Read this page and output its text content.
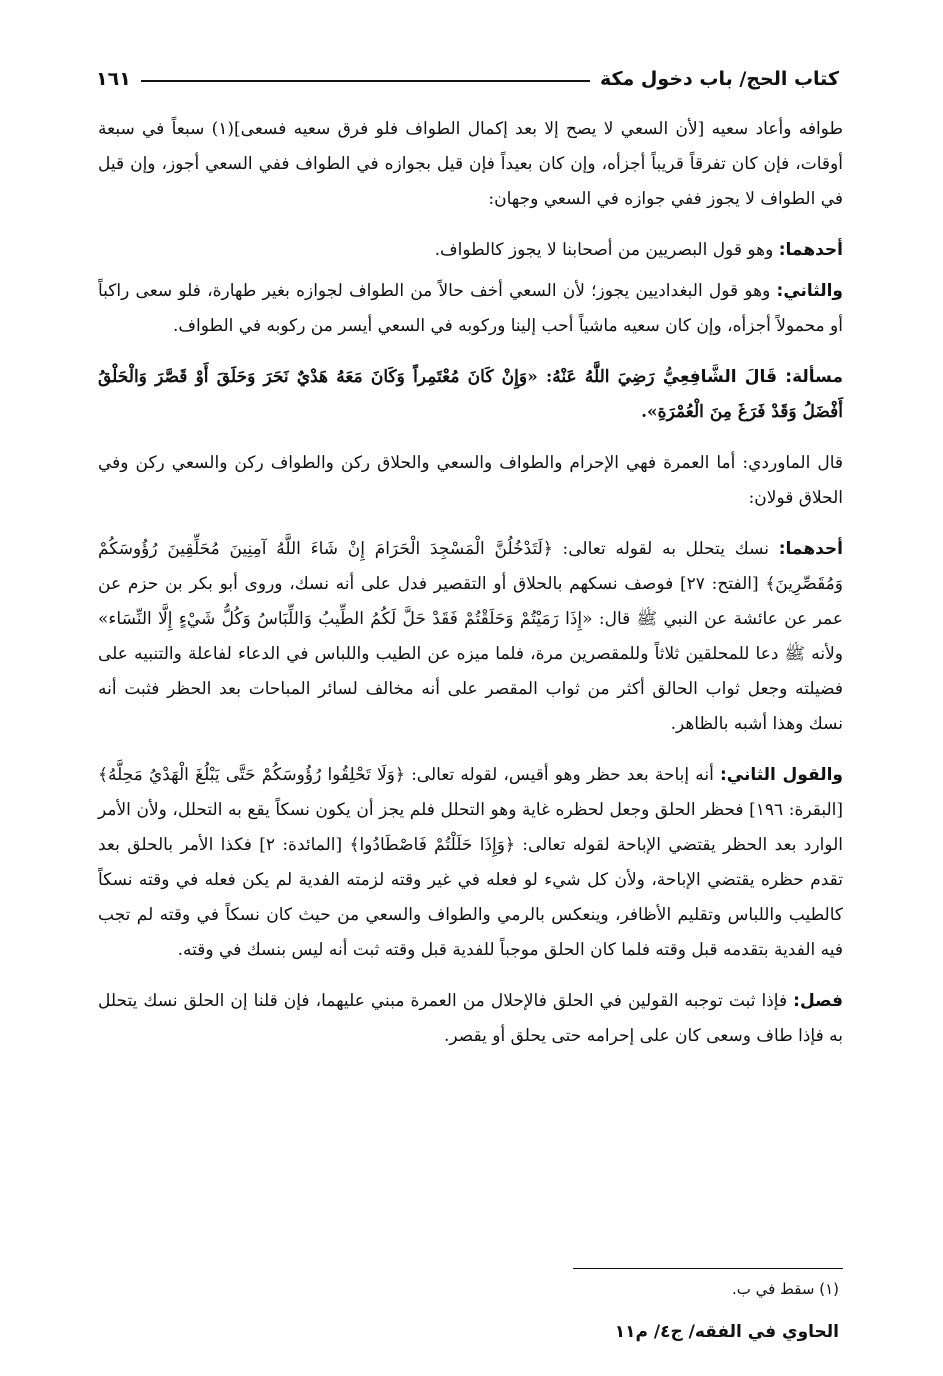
كتاب الحج/ باب دخول مكة
١٦١

طوافه وأعاد سعيه [لأن السعي لا يصح إلا بعد إكمال الطواف فلو فرق سعيه فسعى](١) سبعاً في سبعة أوقات، فإن كان تفرقاً قريباً أجزأه، وإن كان بعيداً فإن قيل بجوازه في الطواف ففي السعي أجوز، وإن قيل في الطواف لا يجوز ففي جوازه في السعي وجهان:

أحدهما: وهو قول البصريين من أصحابنا لا يجوز كالطواف.

والثاني: وهو قول البغداديين يجوز؛ لأن السعي أخف حالاً من الطواف لجوازه بغير طهارة، فلو سعى راكباً أو محمولاً أجزأه، وإن كان سعيه ماشياً أحب إلينا وركوبه في السعي أيسر من ركوبه في الطواف.

مسألة: قَالَ الشَّافِعِيُّ رَضِيَ اللَّهُ عَنْهُ: «وَإِنْ كَانَ مُعْتَمِراً وَكَانَ مَعَهُ هَدْيٌ نَحَرَ وَحَلَقَ أَوْ قَصَّرَ وَالْحَلْقُ أَفْضَلُ وَقَدْ فَرَغَ مِنَ الْعُمْرَةِ».

قال الماوردي: أما العمرة فهي الإحرام والطواف والسعي والحلاق ركن والطواف ركن والسعي ركن وفي الحلاق قولان:

أحدهما: نسك يتحلل به لقوله تعالى: ﴿لَتَدْخُلُنَّ الْمَسْجِدَ الْحَرَامَ إِنْ شَاءَ اللَّهُ آمِنِينَ مُحَلِّقِينَ رُؤُوسَكُمْ وَمُقَصِّرِينَ﴾ [الفتح: ٢٧] فوصف نسكهم بالحلاق أو التقصير فدل على أنه نسك، وروى أبو بكر بن حزم عن عمر عن عائشة عن النبي ﷺ قال: «إِذَا رَمَيْتُمْ وَحَلَقْتُمْ فَقَدْ حَلَّ لَكُمُ الطِّيبُ وَاللِّبَاسُ وَكُلُّ شَيْءٍ إِلَّا النِّسَاء» ولأنه ﷺ دعا للمحلقين ثلاثاً وللمقصرين مرة، فلما ميزه عن الطيب واللباس في الدعاء لفاعلة والتنبيه على فضيلته وجعل ثواب الحالق أكثر من ثواب المقصر على أنه مخالف لسائر المباحات بعد الحظر فثبت أنه نسك وهذا أشبه بالظاهر.

والقول الثاني: أنه إباحة بعد حظر وهو أقيس، لقوله تعالى: ﴿وَلَا تَحْلِقُوا رُؤُوسَكُمْ حَتَّى يَبْلُغَ الْهَدْيُ مَحِلَّهُ﴾ [البقرة: ١٩٦] فحظر الحلق وجعل لحظره غاية وهو التحلل فلم يجز أن يكون نسكاً يقع به التحلل، ولأن الأمر الوارد بعد الحظر يقتضي الإباحة لقوله تعالى: ﴿وَإِذَا حَلَلْتُمْ فَاصْطَادُوا﴾ [المائدة: ٢] فكذا الأمر بالحلق بعد تقدم حظره يقتضي الإباحة، ولأن كل شيء لو فعله في غير وقته لزمته الفدية لم يكن فعله في وقته نسكاً كالطيب واللباس وتقليم الأظافر، وينعكس بالرمي والطواف والسعي من حيث كان نسكاً في وقته لم تجب فيه الفدية بتقدمه قبل وقته فلما كان الحلق موجباً للفدية قبل وقته ثبت أنه ليس بنسك في وقته.

فصل: فإذا ثبت توجبه القولين في الحلق فالإحلال من العمرة مبني عليهما، فإن قلنا إن الحلق نسك يتحلل به فإذا طاف وسعى كان على إحرامه حتى يحلق أو يقصر.

(١) سقط في ب.
الحاوي في الفقه/ ج٤/ م١١
